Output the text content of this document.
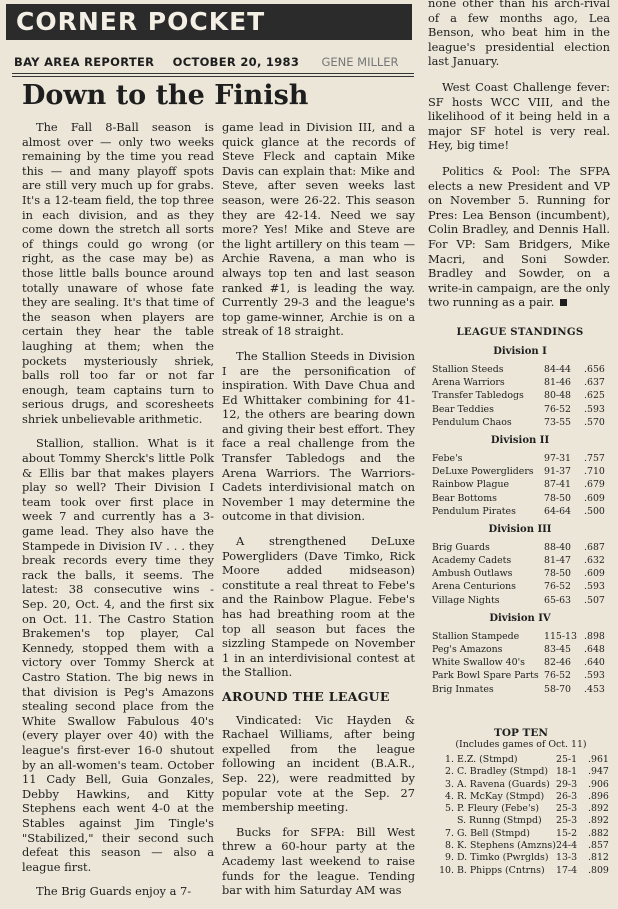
CORNER POCKET
BAY AREA REPORTER OCTOBER 20, 1983 GENE MILLER
Down to the Finish

The Fall 8-Ball season is almost over — only two weeks remaining by the time you read this — and many playoff spots are still very much up for grabs. It's a 12-team field, the top three in each division, and as they come down the stretch all sorts of things could go wrong (or right, as the case may be) as those little balls bounce around totally unaware of whose fate they are sealing. It's that time of the season when players are certain they hear the table laughing at them; when the pockets mysteriously shriek, balls roll too far or not far enough, team captains turn to serious drugs, and scoresheets shriek unbelievable arithmetic.

Stallion, stallion. What is it about Tommy Sherck's little Polk & Ellis bar that makes players play so well? Their Division I team took over first place in week 7 and currently has a 3-game lead. They also have the Stampede in Division IV . . . they break records every time they rack the balls, it seems. The latest: 38 consecutive wins - Sep. 20, Oct. 4, and the first six on Oct. 11. The Castro Station Brakemen's top player, Cal Kennedy, stopped them with a victory over Tommy Sherck at Castro Station. The big news in that division is Peg's Amazons stealing second place from the White Swallow Fabulous 40's (every player over 40) with the league's first-ever 16-0 shutout by an all-women's team. October 11 Cady Bell, Guia Gonzales, Debby Hawkins, and Kitty Stephens each went 4-0 at the Stables against Jim Tingle's "Stabilized," their second such defeat this season — also a league first.

The Brig Guards enjoy a 7-

game lead in Division III, and a quick glance at the records of Steve Fleck and captain Mike Davis can explain that: Mike and Steve, after seven weeks last season, were 26-22. This season they are 42-14. Need we say more? Yes! Mike and Steve are the light artillery on this team — Archie Ravena, a man who is always top ten and last season ranked #1, is leading the way. Currently 29-3 and the league's top game-winner, Archie is on a streak of 18 straight.

The Stallion Steeds in Division I are the personification of inspiration. With Dave Chua and Ed Whittaker combining for 41-12, the others are bearing down and giving their best effort. They face a real challenge from the Transfer Tabledogs and the Arena Warriors. The Warriors-Cadets interdivisional match on November 1 may determine the outcome in that division.

A strengthened DeLuxe Powergliders (Dave Timko, Rick Moore added midseason) constitute a real threat to Febe's and the Rainbow Plague. Febe's has had breathing room at the top all season but faces the sizzling Stampede on November 1 in an interdivisional contest at the Stallion.

AROUND THE LEAGUE

Vindicated: Vic Hayden & Rachael Williams, after being expelled from the league following an incident (B.A.R., Sep. 22), were readmitted by popular vote at the Sep. 27 membership meeting.

Bucks for SFPA: Bill West threw a 60-hour party at the Academy last weekend to raise funds for the league. Tending bar with him Saturday AM was

none other than his arch-rival of a few months ago, Lea Benson, who beat him in the league's presidential election last January.

West Coast Challenge fever: SF hosts WCC VIII, and the likelihood of it being held in a major SF hotel is very real. Hey, big time!

Politics & Pool: The SFPA elects a new President and VP on November 5. Running for Pres: Lea Benson (incumbent), Colin Bradley, and Dennis Hall. For VP: Sam Bridgers, Mike Macri, and Soni Sowder. Bradley and Sowder, on a write-in campaign, are the only two running as a pair.

LEAGUE STANDINGS
Division I
Stallion Steeds	84-44	.656
Arena Warriors	81-46	.637
Transfer Tabledogs	80-48	.625
Bear Teddies	76-52	.593
Pendulum Chaos	73-55	.570
Division II
Febe's	97-31	.757
DeLuxe Powergliders	91-37	.710
Rainbow Plague	87-41	.679
Bear Bottoms	78-50	.609
Pendulum Pirates	64-64	.500
Division III
Brig Guards	88-40	.687
Academy Cadets	81-47	.632
Ambush Outlaws	78-50	.609
Arena Centurions	76-52	.593
Village Nights	65-63	.507
Division IV
Stallion Stampede	115-13 .898
Peg's Amazons	83-45	.648
White Swallow 40's	82-46	.640
Park Bowl Spare Parts 76-52	.593
Brig Inmates	58-70	.453
TOP TEN
(Includes games of Oct. 11)
1. E.Z. (Stmpd)	25-1	.961
2. C. Bradley (Stmpd) 18-1	.947
3. A. Ravena (Guards) 29-3	.906
4. R. McKay (Stmpd)	26-3	.896
5. P. Fleury (Febe's)	25-3	.892
S. Runng (Stmpd)	25-3	.892
7. G. Bell (Stmpd)	15-2	.882
8. K. Stephens (Amzns) 24-4	.857
9. D. Timko (Pwrglds) 13-3	.812
10. B. Phipps (Cntrns)	17-4	.809
